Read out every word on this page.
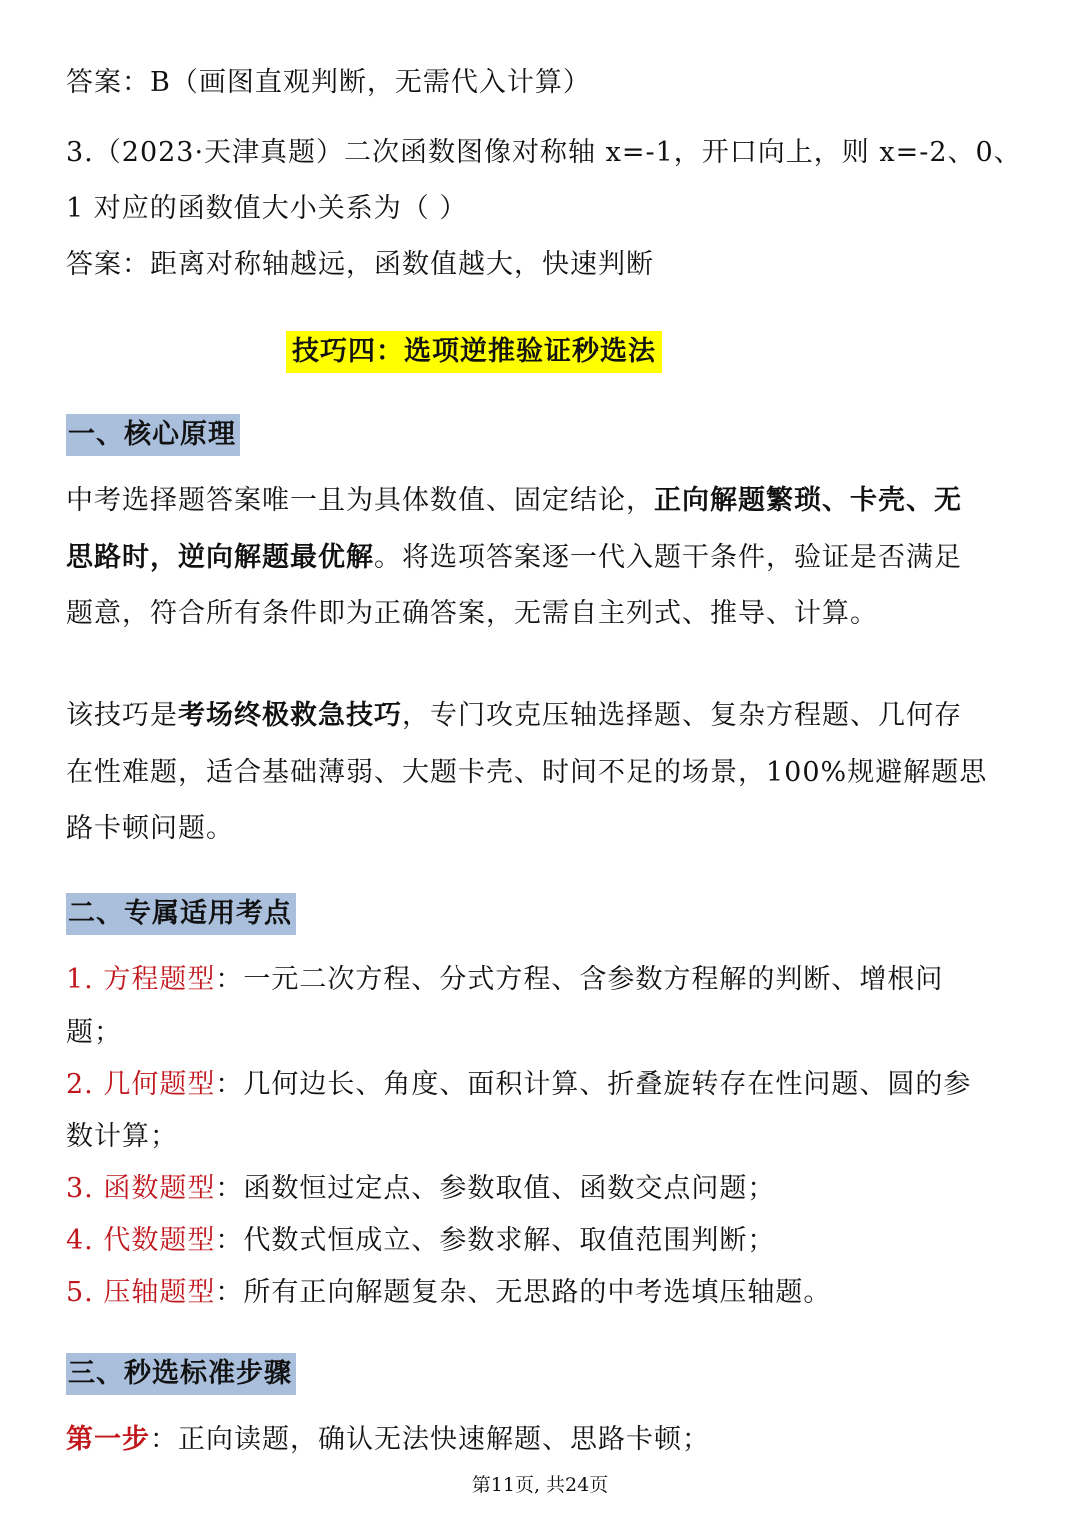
答案：B（画图直观判断，无需代入计算）
3.（2023·天津真题）二次函数图像对称轴 x=-1，开口向上，则 x=-2、0、
1 对应的函数值大小关系为（ ）
答案：距离对称轴越远，函数值越大，快速判断
一、核心原理
中考选择题答案唯一且为具体数值、固定结论，正向解题繁琐、卡壳、无
思路时，逆向解题最优解。将选项答案逐一代入题干条件，验证是否满足
题意，符合所有条件即为正确答案，无需自主列式、推导、计算。
该技巧是考场终极救急技巧，专门攻克压轴选择题、复杂方程题、几何存
在性难题，适合基础薄弱、大题卡壳、时间不足的场景，100%规避解题思
路卡顿问题。
二、专属适用考点
1. 方程题型：一元二次方程、分式方程、含参数方程解的判断、增根问
题；
2. 几何题型：几何边长、角度、面积计算、折叠旋转存在性问题、圆的参
数计算；
3. 函数题型：函数恒过定点、参数取值、函数交点问题；
4. 代数题型：代数式恒成立、参数求解、取值范围判断；
5. 压轴题型：所有正向解题复杂、无思路的中考选填压轴题。
三、秒选标准步骤
第一步：正向读题，确认无法快速解题、思路卡顿；
技巧四：选项逆推验证秒选法
第11页, 共24页
